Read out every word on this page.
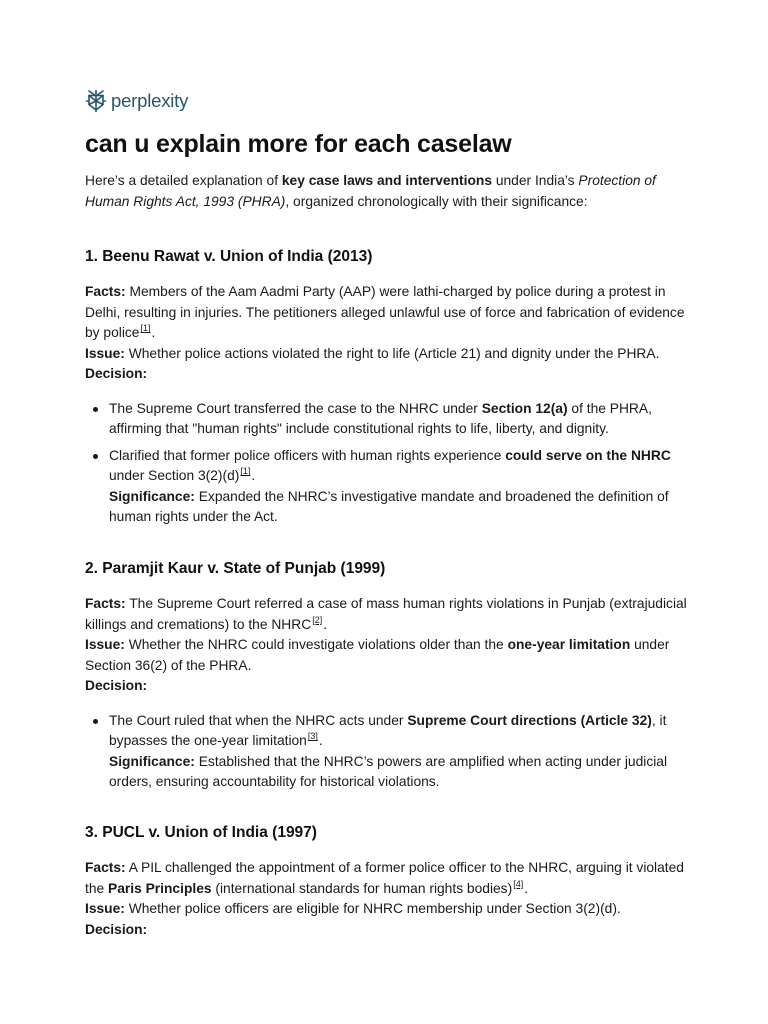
perplexity
can u explain more for each caselaw

Here’s a detailed explanation of key case laws and interventions under India’s Protection of Human Rights Act, 1993 (PHRA), organized chronologically with their significance:

1. Beenu Rawat v. Union of India (2013)

Facts: Members of the Aam Aadmi Party (AAP) were lathi-charged by police during a protest in Delhi, resulting in injuries. The petitioners alleged unlawful use of force and fabrication of evidence by police[1].

Issue: Whether police actions violated the right to life (Article 21) and dignity under the PHRA.

Decision:

The Supreme Court transferred the case to the NHRC under Section 12(a) of the PHRA, affirming that "human rights" include constitutional rights to life, liberty, and dignity.
Clarified that former police officers with human rights experience could serve on the NHRC under Section 3(2)(d)[1].
Significance: Expanded the NHRC’s investigative mandate and broadened the definition of human rights under the Act.
2. Paramjit Kaur v. State of Punjab (1999)

Facts: The Supreme Court referred a case of mass human rights violations in Punjab (extrajudicial killings and cremations) to the NHRC[2].

Issue: Whether the NHRC could investigate violations older than the one-year limitation under Section 36(2) of the PHRA.

Decision:

The Court ruled that when the NHRC acts under Supreme Court directions (Article 32), it bypasses the one-year limitation[3].
Significance: Established that the NHRC’s powers are amplified when acting under judicial orders, ensuring accountability for historical violations.
3. PUCL v. Union of India (1997)

Facts: A PIL challenged the appointment of a former police officer to the NHRC, arguing it violated the Paris Principles (international standards for human rights bodies)[4].

Issue: Whether police officers are eligible for NHRC membership under Section 3(2)(d).

Decision:
